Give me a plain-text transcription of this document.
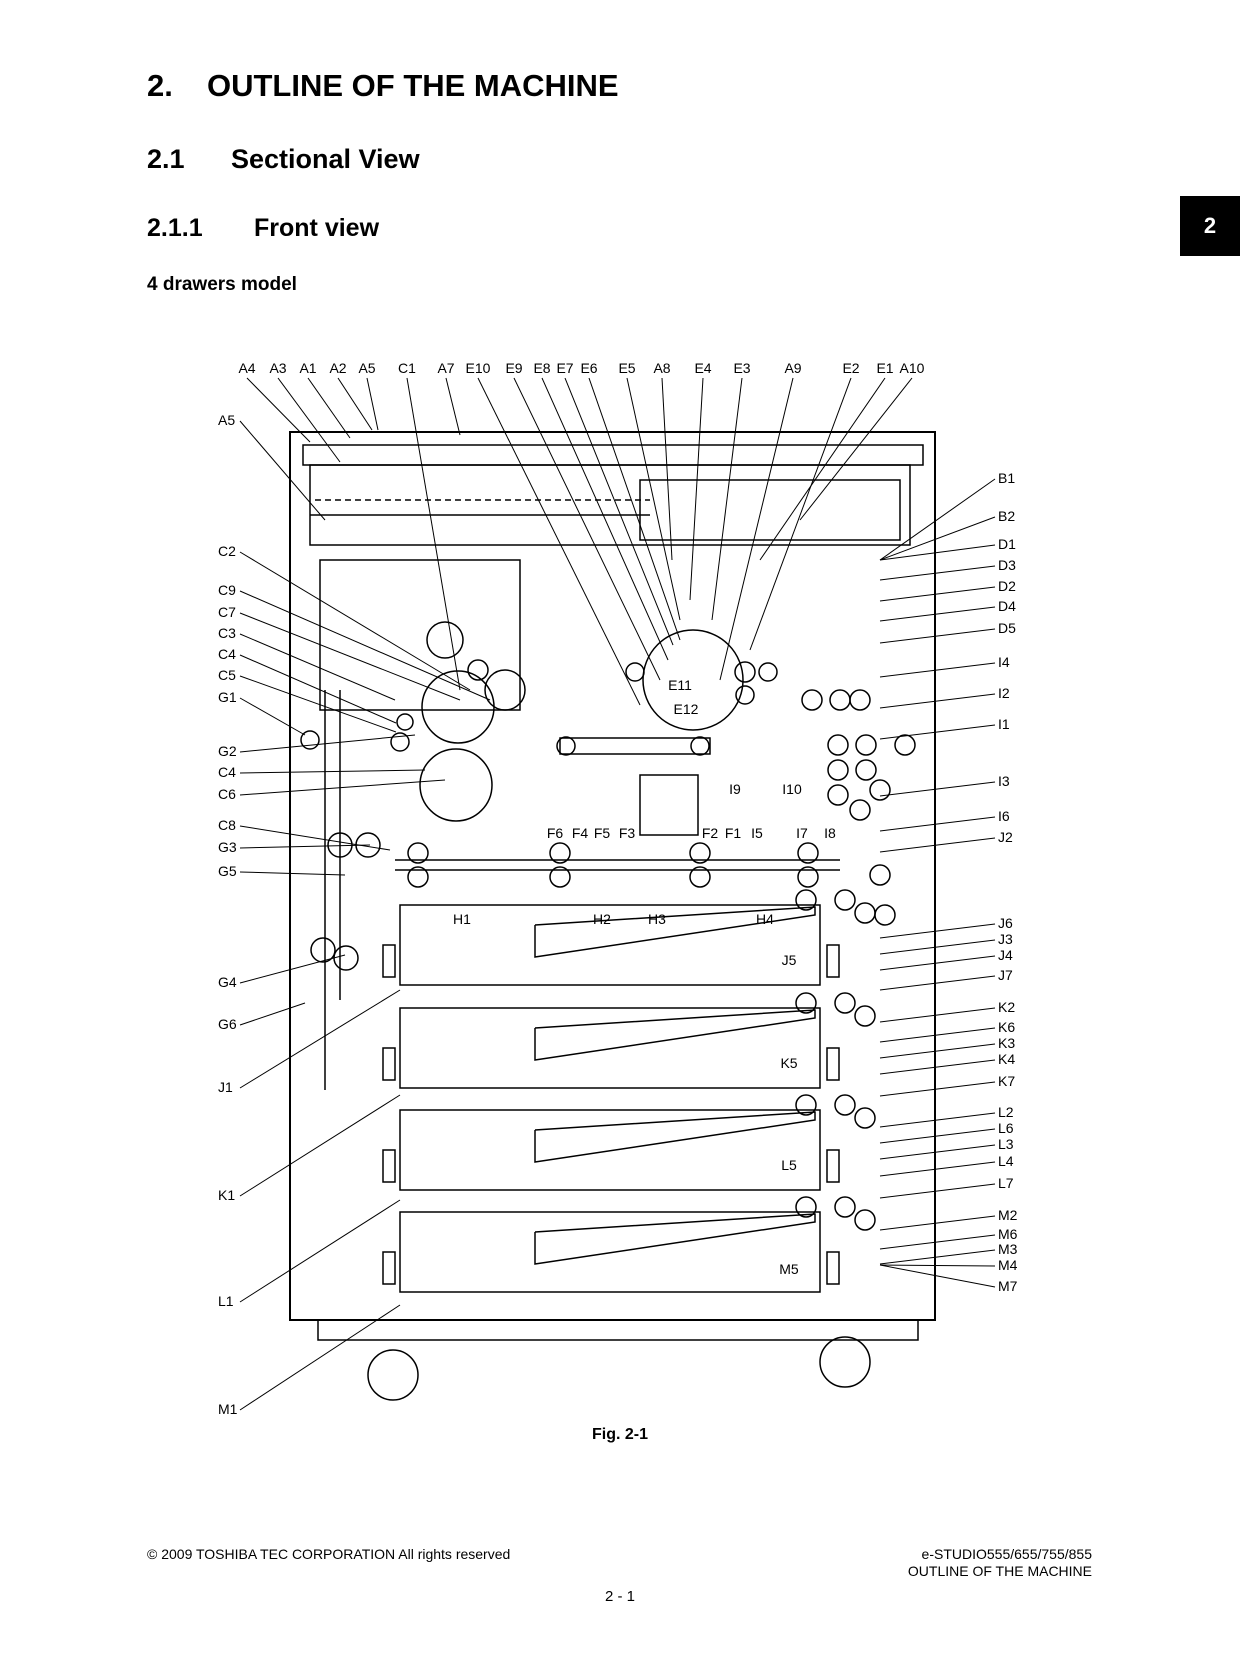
2. OUTLINE OF THE MACHINE
2.1 Sectional View
2.1.1 Front view
4 drawers model
2
A4 A3 A1 A2 A5 C1 A7 E10 E9 E8 E7 E6 E5 A8 E4 E3 A9	E2 E1 A10
A5
C2
C9
C7
C3
C4
C5
G1
G2
C4
C6
C8
G3
G5
G4
G6
J1
K1
L1
M1
B1
B2
D1
D3
D2
D4
D5
I4
I2
I1
I3
I6
J2
J6
J3
J4
J7
K2
K6
K3
K4
K7
L2
L6
L3
L4
L7
M2
M6
M3
M4
M7
E11
E12
I9	I10
F6 F4 F5 F3	F2 F1 I5 I7 I8
H1	H2	H3	H4
J5
K5
L5
M5
Fig. 2-1
© 2009 TOSHIBA TEC CORPORATION All rights reserved	e-STUDIO555/655/755/855
OUTLINE OF THE MACHINE
2 - 1
